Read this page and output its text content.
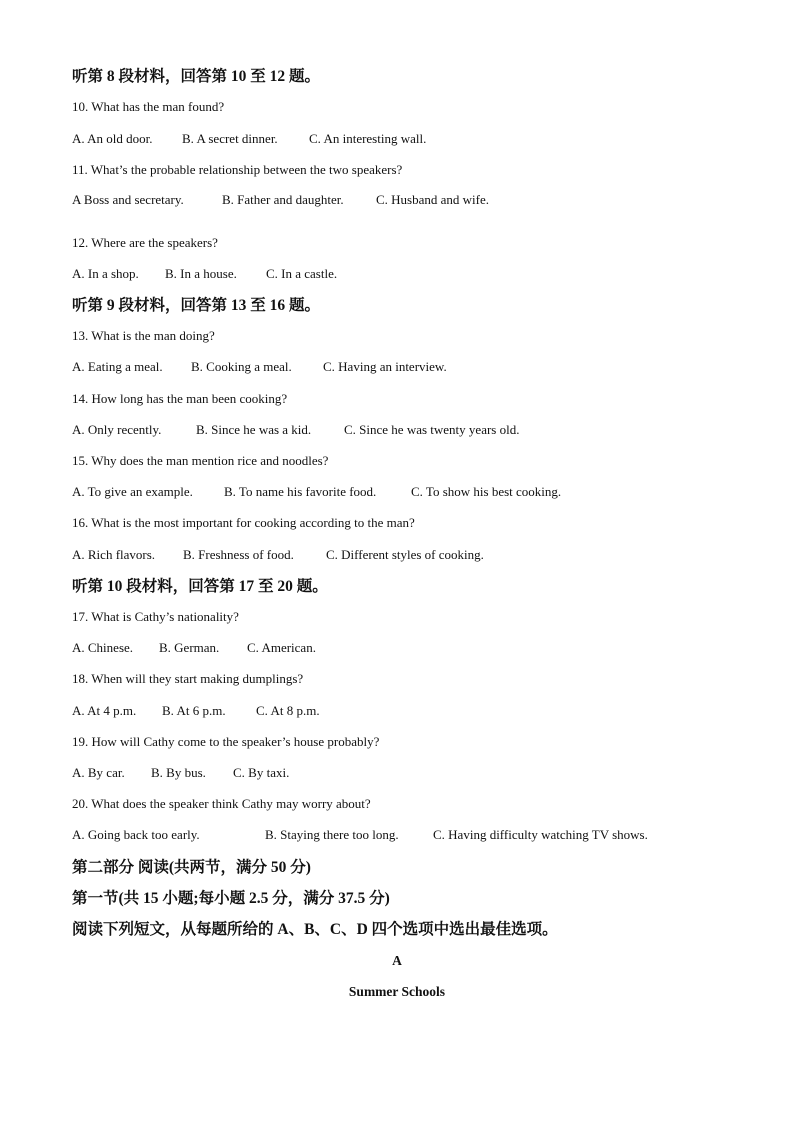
听第 8 段材料，回答第 10 至 12 题。
10. What has the man found?
A. An old door. B. A secret dinner. C. An interesting wall.
11. What’s the probable relationship between the two speakers?
A Boss and secretary.	B. Father and daughter. C. Husband and wife.
12. Where are the speakers?
A. In a shop. B. In a house. C. In a castle.
听第 9 段材料，回答第 13 至 16 题。
13. What is the man doing?
A. Eating a meal. B. Cooking a meal. C. Having an interview.
14. How long has the man been cooking?
A. Only recently.	B. Since he was a kid.	C. Since he was twenty years old.
15. Why does the man mention rice and noodles?
A. To give an example. B. To name his favorite food.	C. To show his best cooking.
16. What is the most important for cooking according to the man?
A. Rich flavors. B. Freshness of food. C. Different styles of cooking.
听第 10 段材料，回答第 17 至 20 题。
17. What is Cathy’s nationality?
A. Chinese. B. German. C. American.
18. When will they start making dumplings?
A. At 4 p.m. B. At 6 p.m. C. At 8 p.m.
19. How will Cathy come to the speaker’s house probably?
A. By car. B. By bus. C. By taxi.
20. What does the speaker think Cathy may worry about?
A. Going back too early.	B. Staying there too long.	C. Having difficulty watching TV shows.
第二部分 阅读(共两节，满分 50 分)
第一节(共 15 小题;每小题 2.5 分，满分 37.5 分)
阅读下列短文，从每题所给的 A、B、C、D 四个选项中选出最佳选项。
A
Summer Schools
